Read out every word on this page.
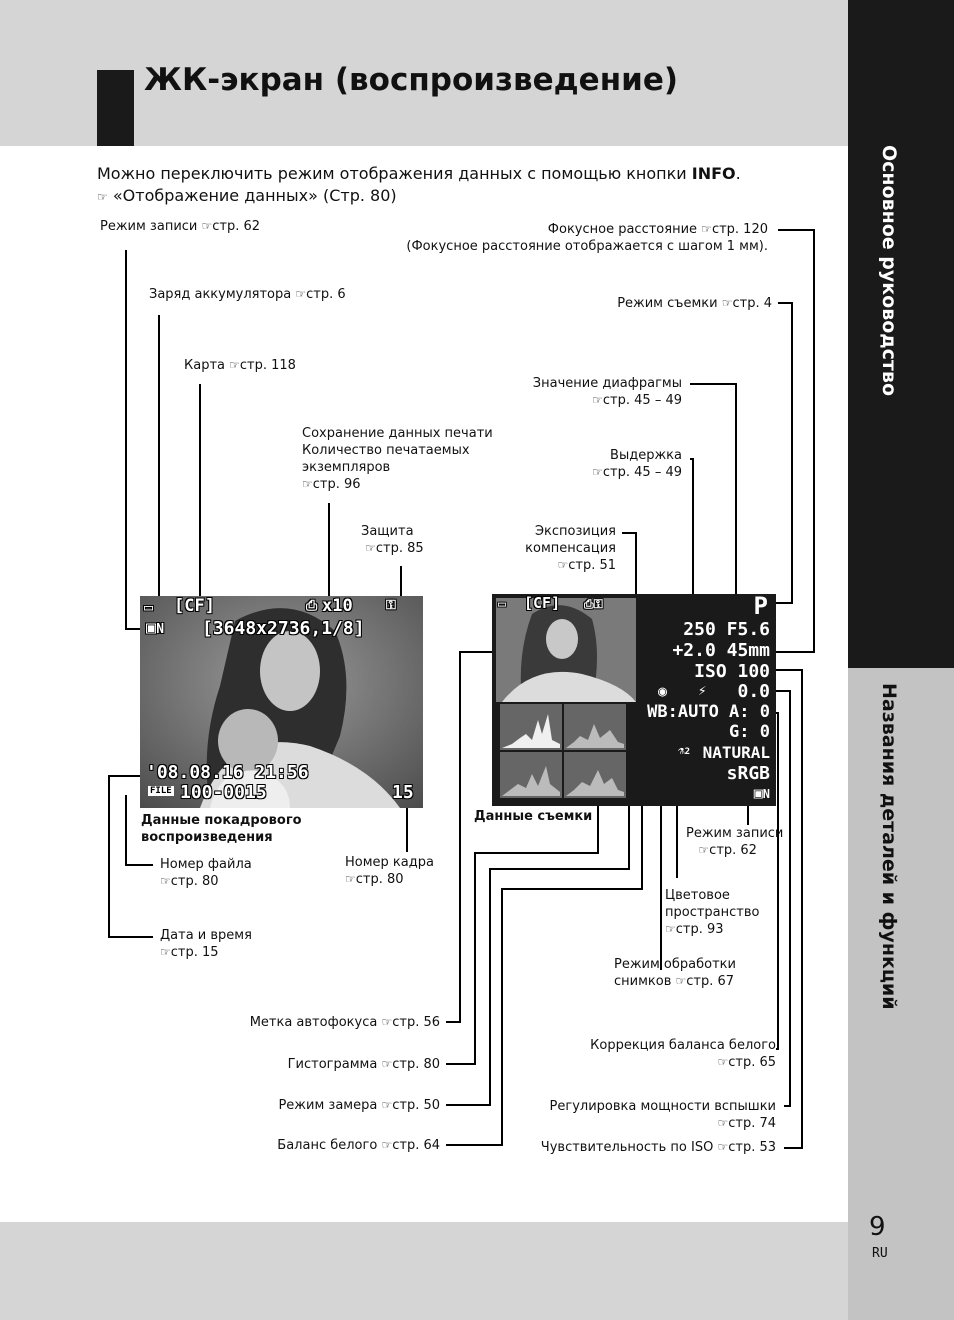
ЖК-экран (воспроизведение)
Основное руководство
Названия деталей и функций
9
RU
Можно переключить режим отображения данных с помощью кнопки INFO.
☞ «Отображение данных» (Стр. 80)
▭ [CF]	⎙ x10	⚿
▣N [3648x2736,1/8]
'08.08.16 21:56
FILE 100-0015	15
▭ [CF] ⎙⚿	P
250 F5.6
+2.0 45mm
ISO 100
◉ ⚡ 0.0
WB:AUTO A: 0
G: 0
⚗2 NATURAL
sRGB
▣N
Режим записи ☞стр. 62
Заряд аккумулятора ☞стр. 6
Карта ☞стр. 118
Сохранение данных печати
Количество печатаемых
экземпляров
☞стр. 96
Защита
☞стр. 85
Данные покадрового
воспроизведения
Номер файла
☞стр. 80
Номер кадра
☞стр. 80
Дата и время
☞стр. 15
Фокусное расстояние ☞стр. 120
(Фокусное расстояние отображается с шагом 1 мм).
Режим съемки ☞стр. 4
Значение диафрагмы
☞стр. 45 – 49
Выдержка
☞стр. 45 – 49
Экспозиция
компенсация
☞стр. 51
Данные съемки
Режим записи
☞стр. 62
Цветовое
пространство
☞стр. 93
Режим обработки
снимков ☞стр. 67
Коррекция баланса белого
☞стр. 65
Регулировка мощности вспышки
☞стр. 74
Чувствительность по ISO ☞стр. 53
Метка автофокуса ☞стр. 56
Гистограмма ☞стр. 80
Режим замера ☞стр. 50
Баланс белого ☞стр. 64
